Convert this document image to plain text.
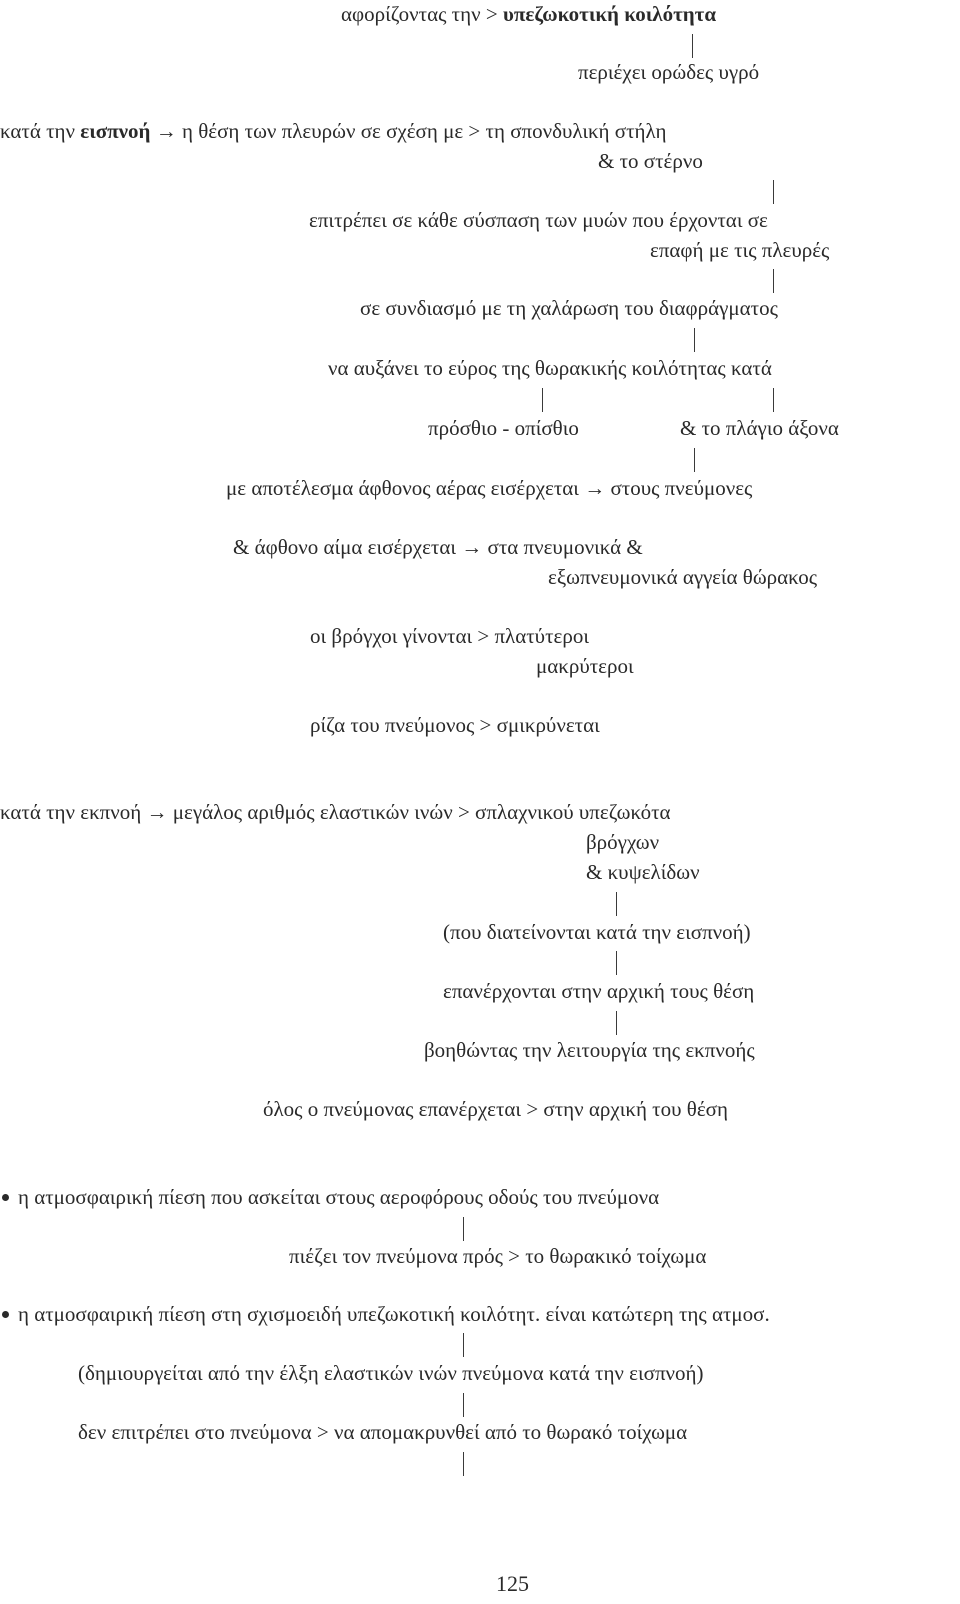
αφορίζοντας την > υπεζωκοτική κοιλότητα
περιέχει ορώδες υγρό
κατά την εισπνοή → η θέση των πλευρών σε σχέση με > τη σπονδυλική στήλη
& το στέρνο
επιτρέπει σε κάθε σύσπαση των μυών που έρχονται σε
επαφή με τις πλευρές
σε συνδιασμό με τη χαλάρωση του διαφράγματος
να αυξάνει το εύρος της θωρακικής κοιλότητας κατά
πρόσθιο - οπίσθιο	& το πλάγιο άξονα
με αποτέλεσμα άφθονος αέρας εισέρχεται → στους πνεύμονες
& άφθονο αίμα εισέρχεται → στα πνευμονικά &
εξωπνευμονικά αγγεία θώρακος
οι βρόγχοι γίνονται > πλατύτεροι
μακρύτεροι
ρίζα του πνεύμονος > σμικρύνεται
κατά την εκπνοή → μεγάλος αριθμός ελαστικών ινών > σπλαχνικού υπεζωκότα
βρόγχων
& κυψελίδων
(που διατείνονται κατά την εισπνοή)
επανέρχονται στην αρχική τους θέση
βοηθώντας την λειτουργία της εκπνοής
όλος ο πνεύμονας επανέρχεται > στην αρχική του θέση
η ατμοσφαιρική πίεση που ασκείται στους αεροφόρους οδούς του πνεύμονα
πιέζει τον πνεύμονα πρός > το θωρακικό τοίχωμα
η ατμοσφαιρική πίεση στη σχισμοειδή υπεζωκοτική κοιλότητ. είναι κατώτερη της ατμοσ.
(δημιουργείται από την έλξη ελαστικών ινών πνεύμονα κατά την εισπνοή)
δεν επιτρέπει στο πνεύμονα > να απομακρυνθεί από το θωρακό τοίχωμα
125
